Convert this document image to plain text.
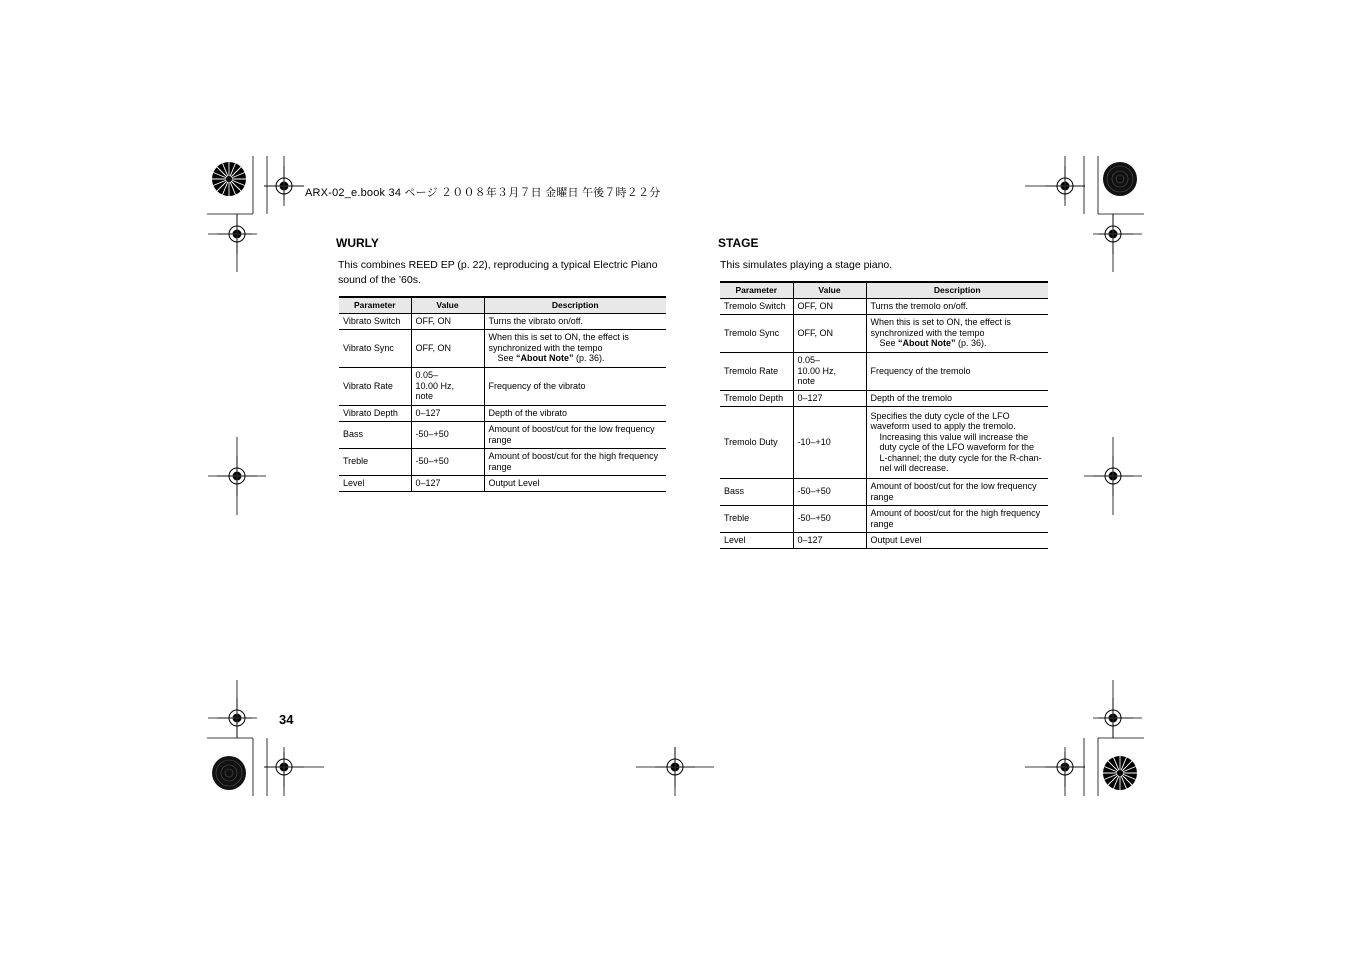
ARX-02_e.book 34 ページ ２００８年３月７日 金曜日 午後７時２２分
WURLY
This combines REED EP (p. 22), reproducing a typical Electric Piano
sound of the ’60s.
Parameter	Value	Description
Vibrato Switch	OFF, ON	Turns the vibrato on/off.
Vibrato Sync	OFF, ON	When this is set to ON, the effect is synchronized with the tempo
See “About Note” (p. 36).

Vibrato Rate	0.05–
10.00 Hz,
note	Frequency of the vibrato
Vibrato Depth	0–127	Depth of the vibrato
Bass	-50–+50	Amount of boost/cut for the low frequency range
Treble	-50–+50	Amount of boost/cut for the high frequency range
Level	0–127	Output Level
STAGE
This simulates playing a stage piano.
Parameter	Value	Description
Tremolo Switch	OFF, ON	Turns the tremolo on/off.
Tremolo Sync	OFF, ON	When this is set to ON, the effect is synchronized with the tempo
See “About Note” (p. 36).

Tremolo Rate	0.05–
10.00 Hz,
note	Frequency of the tremolo
Tremolo Depth	0–127	Depth of the tremolo
Tremolo Duty	-10–+10	Specifies the duty cycle of the LFO waveform used to apply the tremolo.
Increasing this value will increase the duty cycle of the LFO waveform for the L-channel; the duty cycle for the R-chan-nel will decrease.

Bass	-50–+50	Amount of boost/cut for the low frequency range
Treble	-50–+50	Amount of boost/cut for the high frequency range
Level	0–127	Output Level
34
